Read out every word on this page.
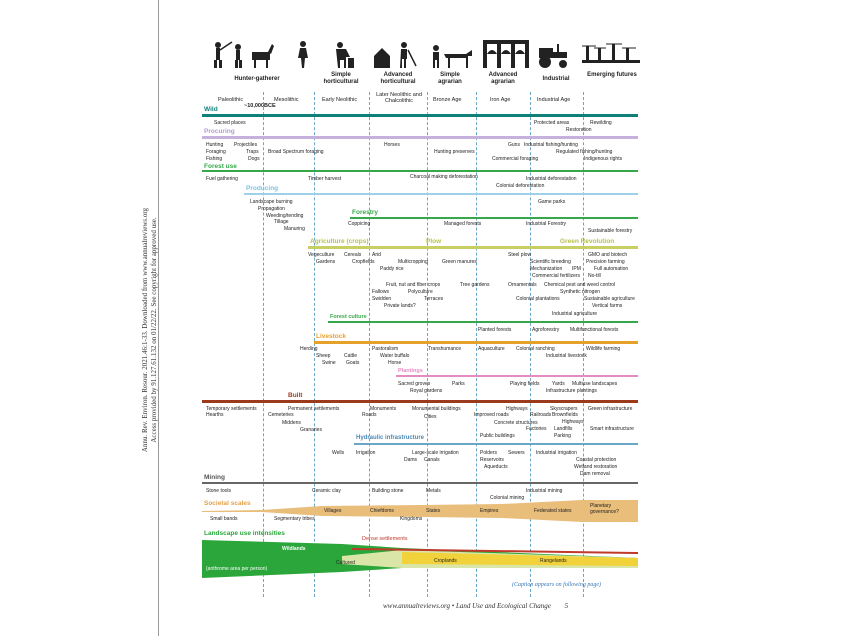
Annu. Rev. Environ. Resour. 2021.46:1-33. Downloaded from www.annualreviews.org Access provided by 91.127.61.132 on 01/22/22. See copyright for approved use.
Hunter-gatherer
Simple horticultural
Advanced horticultural
Simple agrarian
Advanced agrarian	Industrial
Emerging futures
Paleolithic
~10,000BCE
Mesolithic	Early Neolithic
Later Neolithic and Chalcolithic	Bronze Age	Iron Age	Industrial Age
Wild
Sacred places	Protected areas	Rewilding
Restoration
Procuring
Hunting
Foraging
Fishing
Projectiles
Traps
Dogs
Broad Spectrum foraging
Horses
Hunting preserves
Guns Industrial fishing/hunting
Regulated fishing/hunting
Commercial foraging	Indigenous rights
Forest use
Fuel gathering	Timber harvest	Charcoal making deforestation	Industrial deforestation
Colonial deforestation
Producing
Landscape burning
Propagation
Weeding/tending
Tillage
Manuring
Game parks
Forestry
Coppicing	Managed forests	Industrial Forestry
Sustainable forestry
Agriculture (crops)	Plow	Green Revolution
Vegeculture
Gardens
Cereals
Cropfields
Arid
Paddy rice
Multicropping	Green manures
Steel plow	GMO and biotech
Scientific breeding	Precision farming
Mechanization IPM	Full automation
Commercial fertilizers No-till
Fruit, nut and fiber crops	Tree gardens	Ornamentals Chemical pest and weed control
Synthetic nitrogen
Fallows	Polyculture
Swidden	Terraces	Colonial plantations	Sustainable agriculture
Private lands?	Vertical farms
Industrial agriculture
Forest culture
Planted forests	Agroforestry Multifunctional forests
Livestock
Herding
Sheep	Cattle
Swine Goats
Pastoralism
Water buffalo
Horse
Transhumance	Aquaculture Colonial ranching
Industrial livestock
Wildlife farming
Plantings
Sacred groves	Parks
Royal gardens
Playing fields	Yards Multiuse landscapes
Infrastructure plantings
Built
Temporary settlements
Hearths
Permanent settlements
Cemeteries
Middens
Granaries
Monuments
Roads
Monumental buildings
Cities
Highways
Improved roads	Railroads
Skyscrapers
Brownfields
Green infrastructure
Concrete structures	Highways
Factories Landfills	Smart infrastructure
Public buildings	Parking
Hydraulic infrastructure
Wells Irrigation	Large-scale irrigation
Dams Canals
Polders Sewers
Reservoirs
Aqueducts
Industrial irrigation
Coastal protection
Wetland restoration
Dam removal
Mining
Stone tools	Ceramic clay	Building stone	Metals	Industrial mining
Colonial mining
Societal scales
Villages	Chiefdoms	States	Empires	Federated states
Planetary governance?
Small bands	Segmentary tribes	Kingdoms
Landscape use intensities
Dense settlements
Wildlands
Cultured	Croplands	Rangelands
(anthrome area per person)
(Caption appears on following page)
www.annualreviews.org • Land Use and Ecological Change 5
